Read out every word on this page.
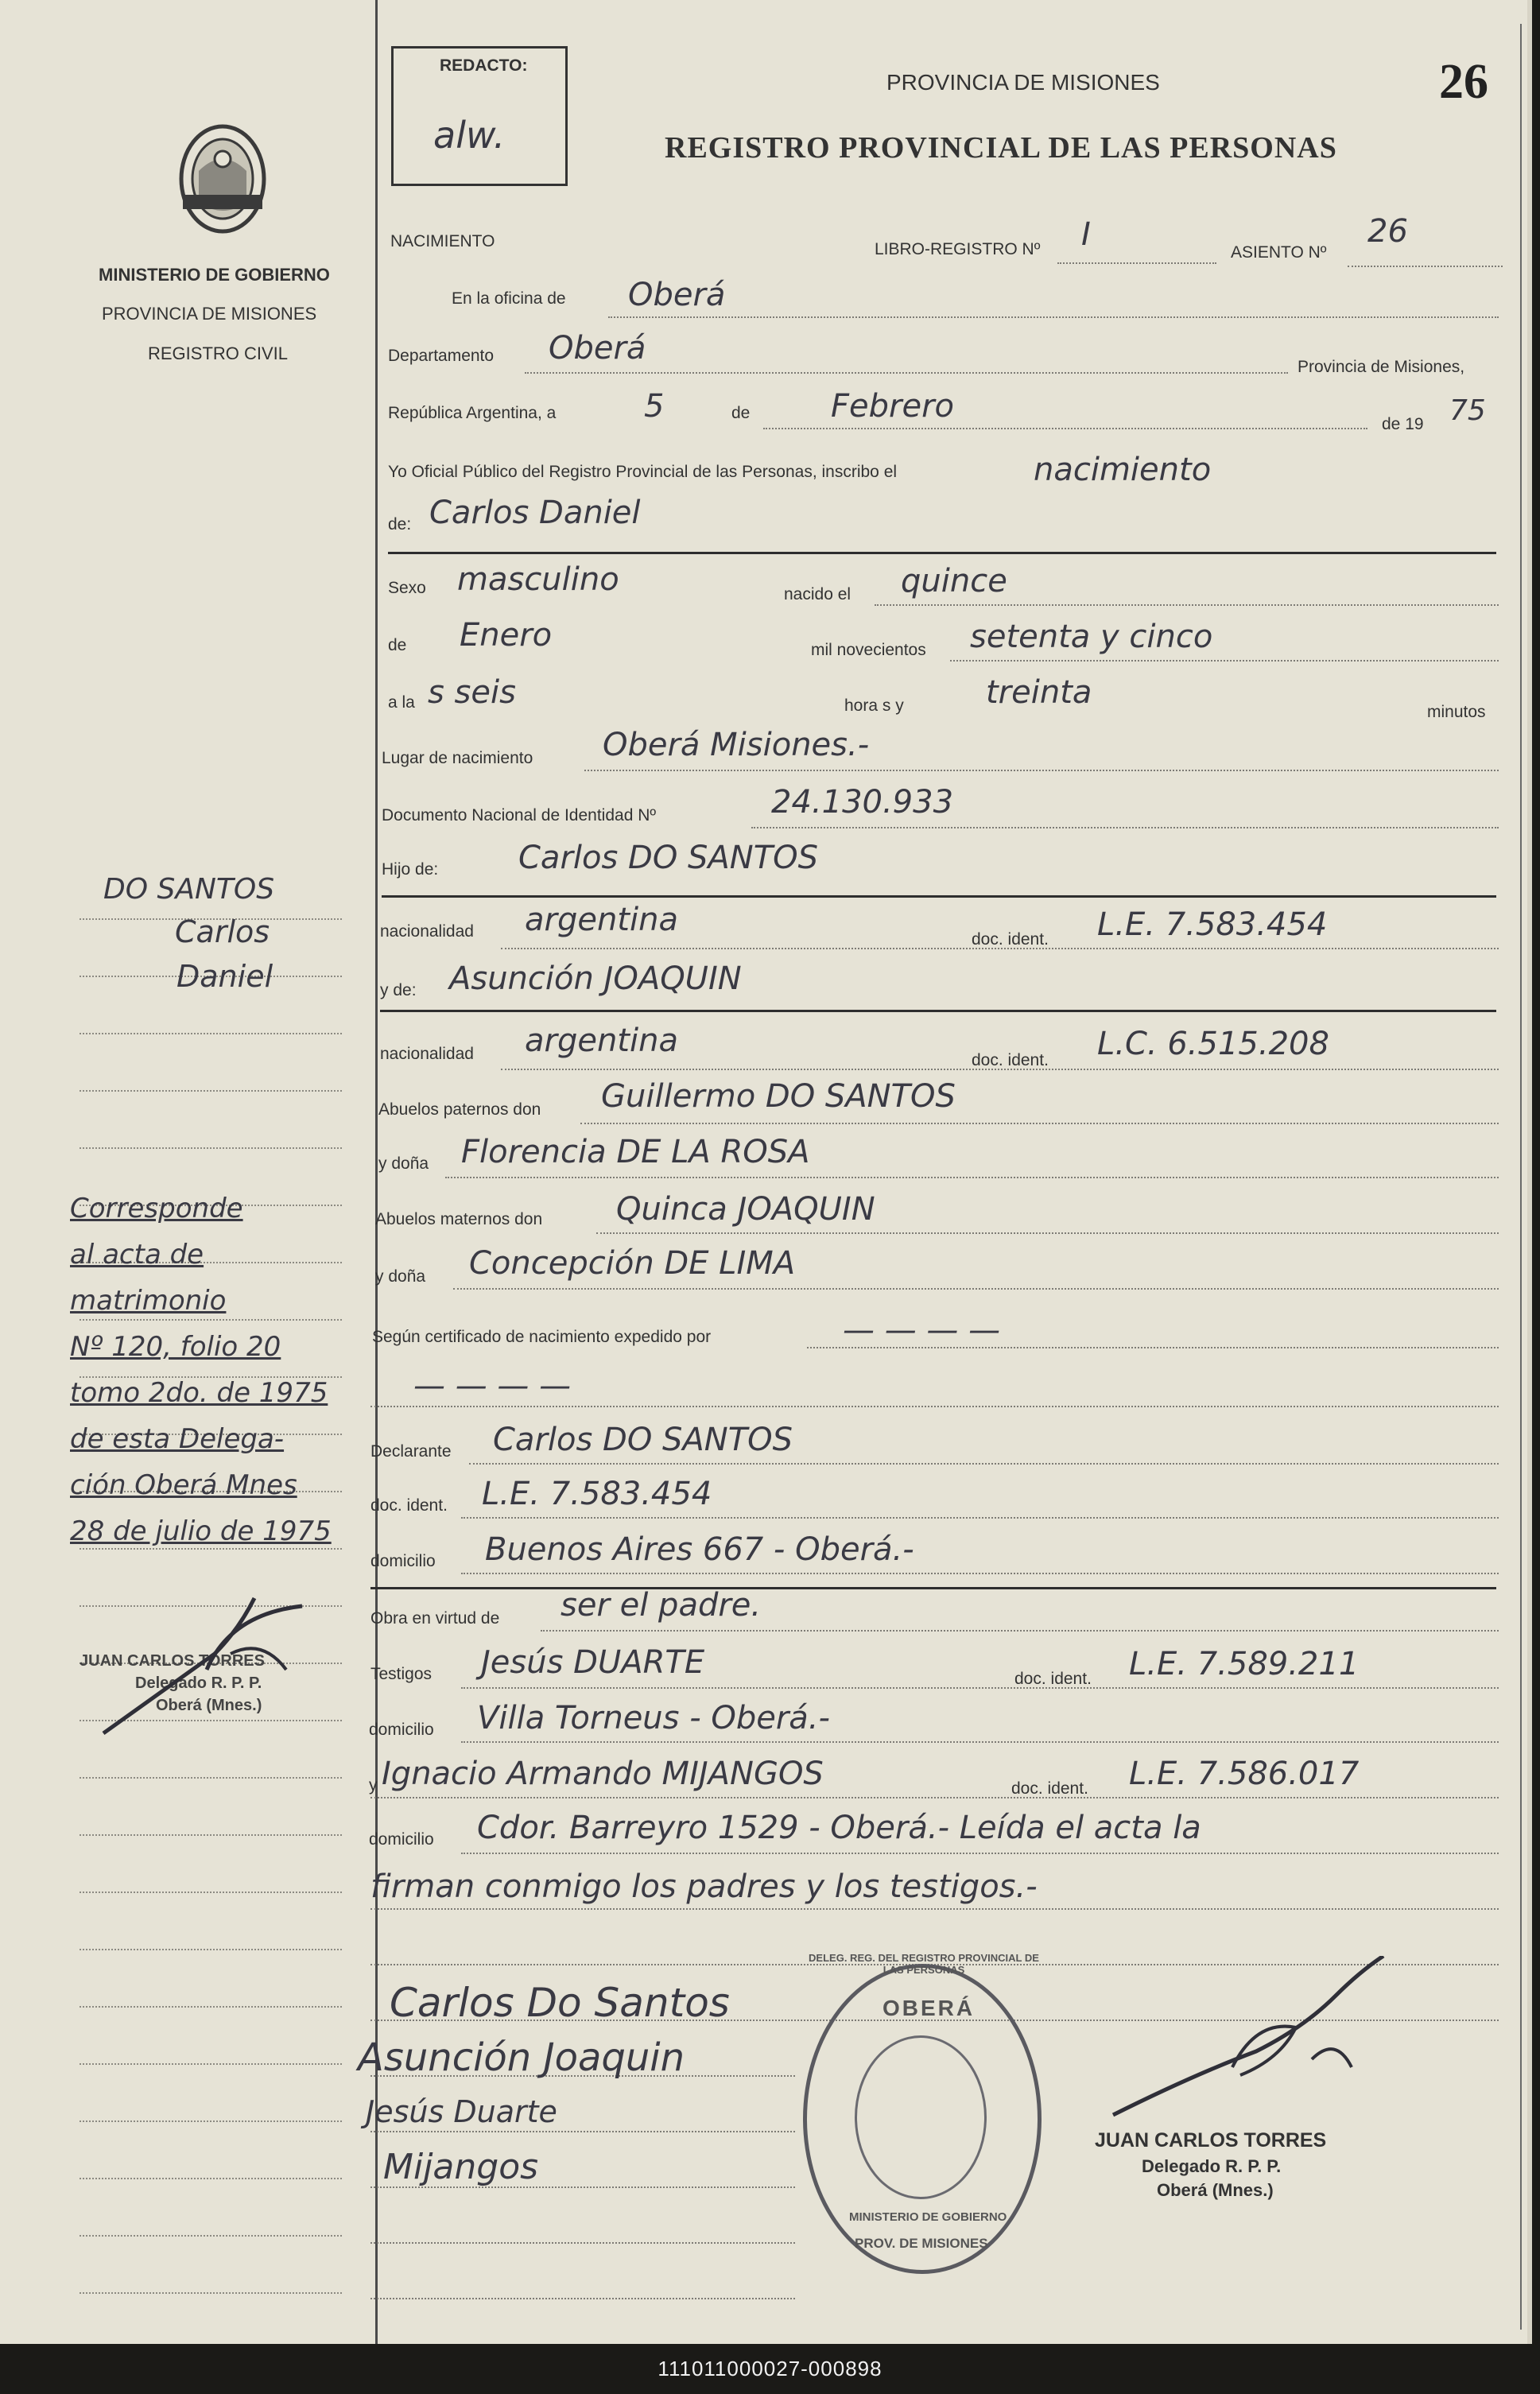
MINISTERIO DE GOBIERNO
PROVINCIA DE MISIONES
REGISTRO CIVIL
DO SANTOS
Carlos
Daniel
Corresponde
al acta de
matrimonio
Nº 120, folio 20
tomo 2do. de 1975
de esta Delega-
ción Oberá Mnes
28 de julio de 1975
JUAN CARLOS TORRES
Delegado R. P. P.
Oberá (Mnes.)
REDACTO:
alw.
PROVINCIA DE MISIONES
REGISTRO PROVINCIAL DE LAS PERSONAS
26
NACIMIENTO	LIBRO-REGISTRO Nº I	ASIENTO Nº
26
En la oficina de Oberá
Departamento Oberá
Provincia de Misiones,
República Argentina, a	5	de	Febrero	de 19 75
Yo Oficial Público del Registro Provincial de las Personas, inscribo el	nacimiento
de: Carlos Daniel
Sexo masculino	nacido el quince
de Enero	mil novecientos setenta y cinco
a la s seis	hora s y	treinta
minutos
Lugar de nacimiento Oberá Misiones.-
Documento Nacional de Identidad Nº	24.130.933
Hijo de:	Carlos DO SANTOS
nacionalidad argentina
doc. ident. L.E. 7.583.454
y de: Asunción JOAQUIN
nacionalidad argentina
doc. ident. L.C. 6.515.208
Abuelos paternos don Guillermo DO SANTOS
y doña Florencia DE LA ROSA
Abuelos maternos don Quinca JOAQUIN
y doña Concepción DE LIMA
Según certificado de nacimiento expedido por	— — — —
— — — —
Declarante Carlos DO SANTOS
doc. ident. L.E. 7.583.454
domicilio Buenos Aires 667 - Oberá.-
Obra en virtud de ser el padre.
Testigos Jesús DUARTE	doc. ident. L.E. 7.589.211
domicilio Villa Torneus - Oberá.-
y Ignacio Armando MIJANGOS	doc. ident. L.E. 7.586.017
domicilio Cdor. Barreyro 1529 - Oberá.- Leída el acta la
firman conmigo los padres y los testigos.-
OBERÁ
DELEG. REG. DEL REGISTRO PROVINCIAL DE LAS PERSONAS
MINISTERIO DE GOBIERNO
PROV. DE MISIONES
JUAN CARLOS TORRES
Delegado R. P. P.
Oberá (Mnes.)
Carlos Do Santos
Asunción Joaquin
Jesús Duarte
Mijangos
111011000027-000898
